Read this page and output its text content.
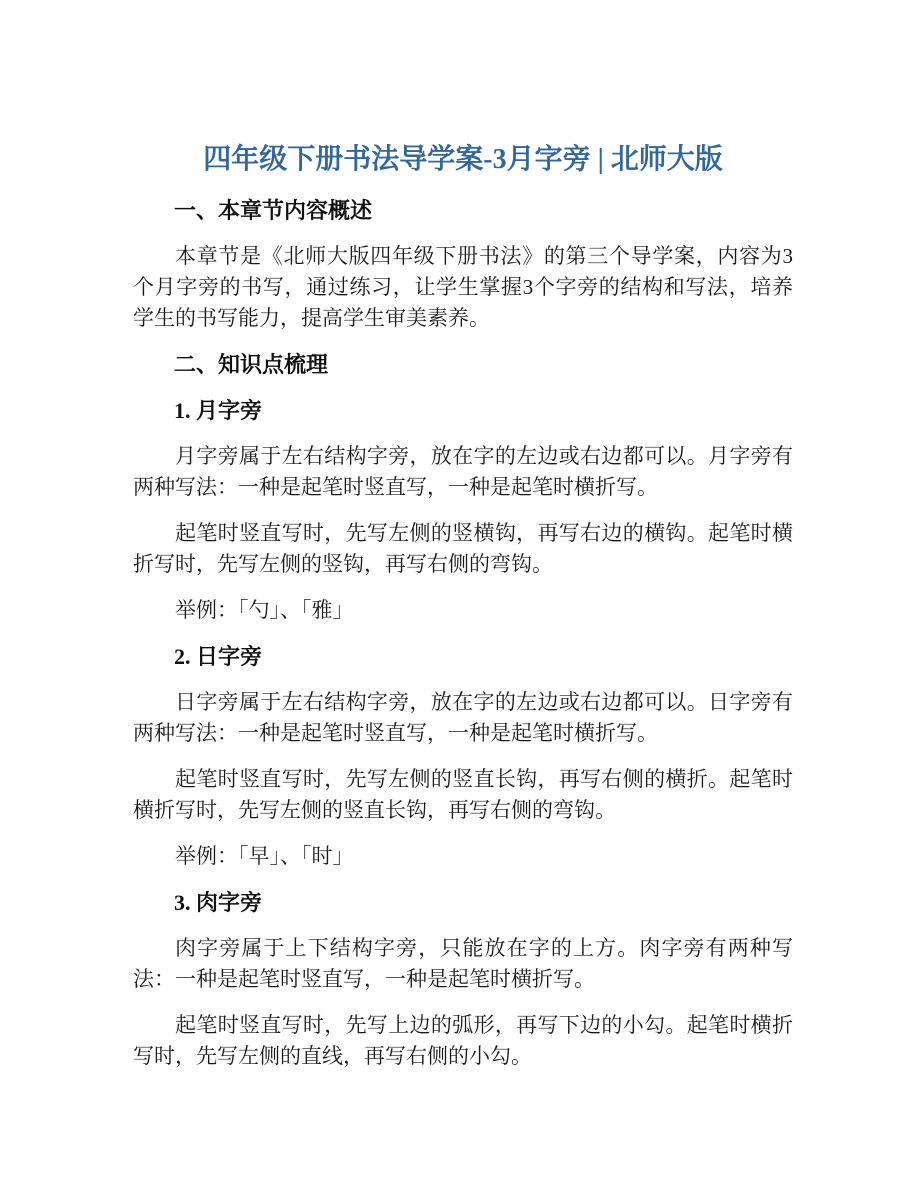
四年级下册书法导学案-3月字旁 | 北师大版
一、本章节内容概述

本章节是《北师大版四年级下册书法》的第三个导学案，内容为3个月字旁的书写，通过练习，让学生掌握3个字旁的结构和写法，培养学生的书写能力，提高学生审美素养。

二、知识点梳理
1. 月字旁

月字旁属于左右结构字旁，放在字的左边或右边都可以。月字旁有两种写法：一种是起笔时竖直写，一种是起笔时横折写。

起笔时竖直写时，先写左侧的竖横钩，再写右边的横钩。起笔时横折写时，先写左侧的竖钩，再写右侧的弯钩。

举例：「勺」、「雅」

2. 日字旁

日字旁属于左右结构字旁，放在字的左边或右边都可以。日字旁有两种写法：一种是起笔时竖直写，一种是起笔时横折写。

起笔时竖直写时，先写左侧的竖直长钩，再写右侧的横折。起笔时横折写时，先写左侧的竖直长钩，再写右侧的弯钩。

举例：「早」、「时」

3. 肉字旁

肉字旁属于上下结构字旁，只能放在字的上方。肉字旁有两种写法：一种是起笔时竖直写，一种是起笔时横折写。

起笔时竖直写时，先写上边的弧形，再写下边的小勾。起笔时横折写时，先写左侧的直线，再写右侧的小勾。
